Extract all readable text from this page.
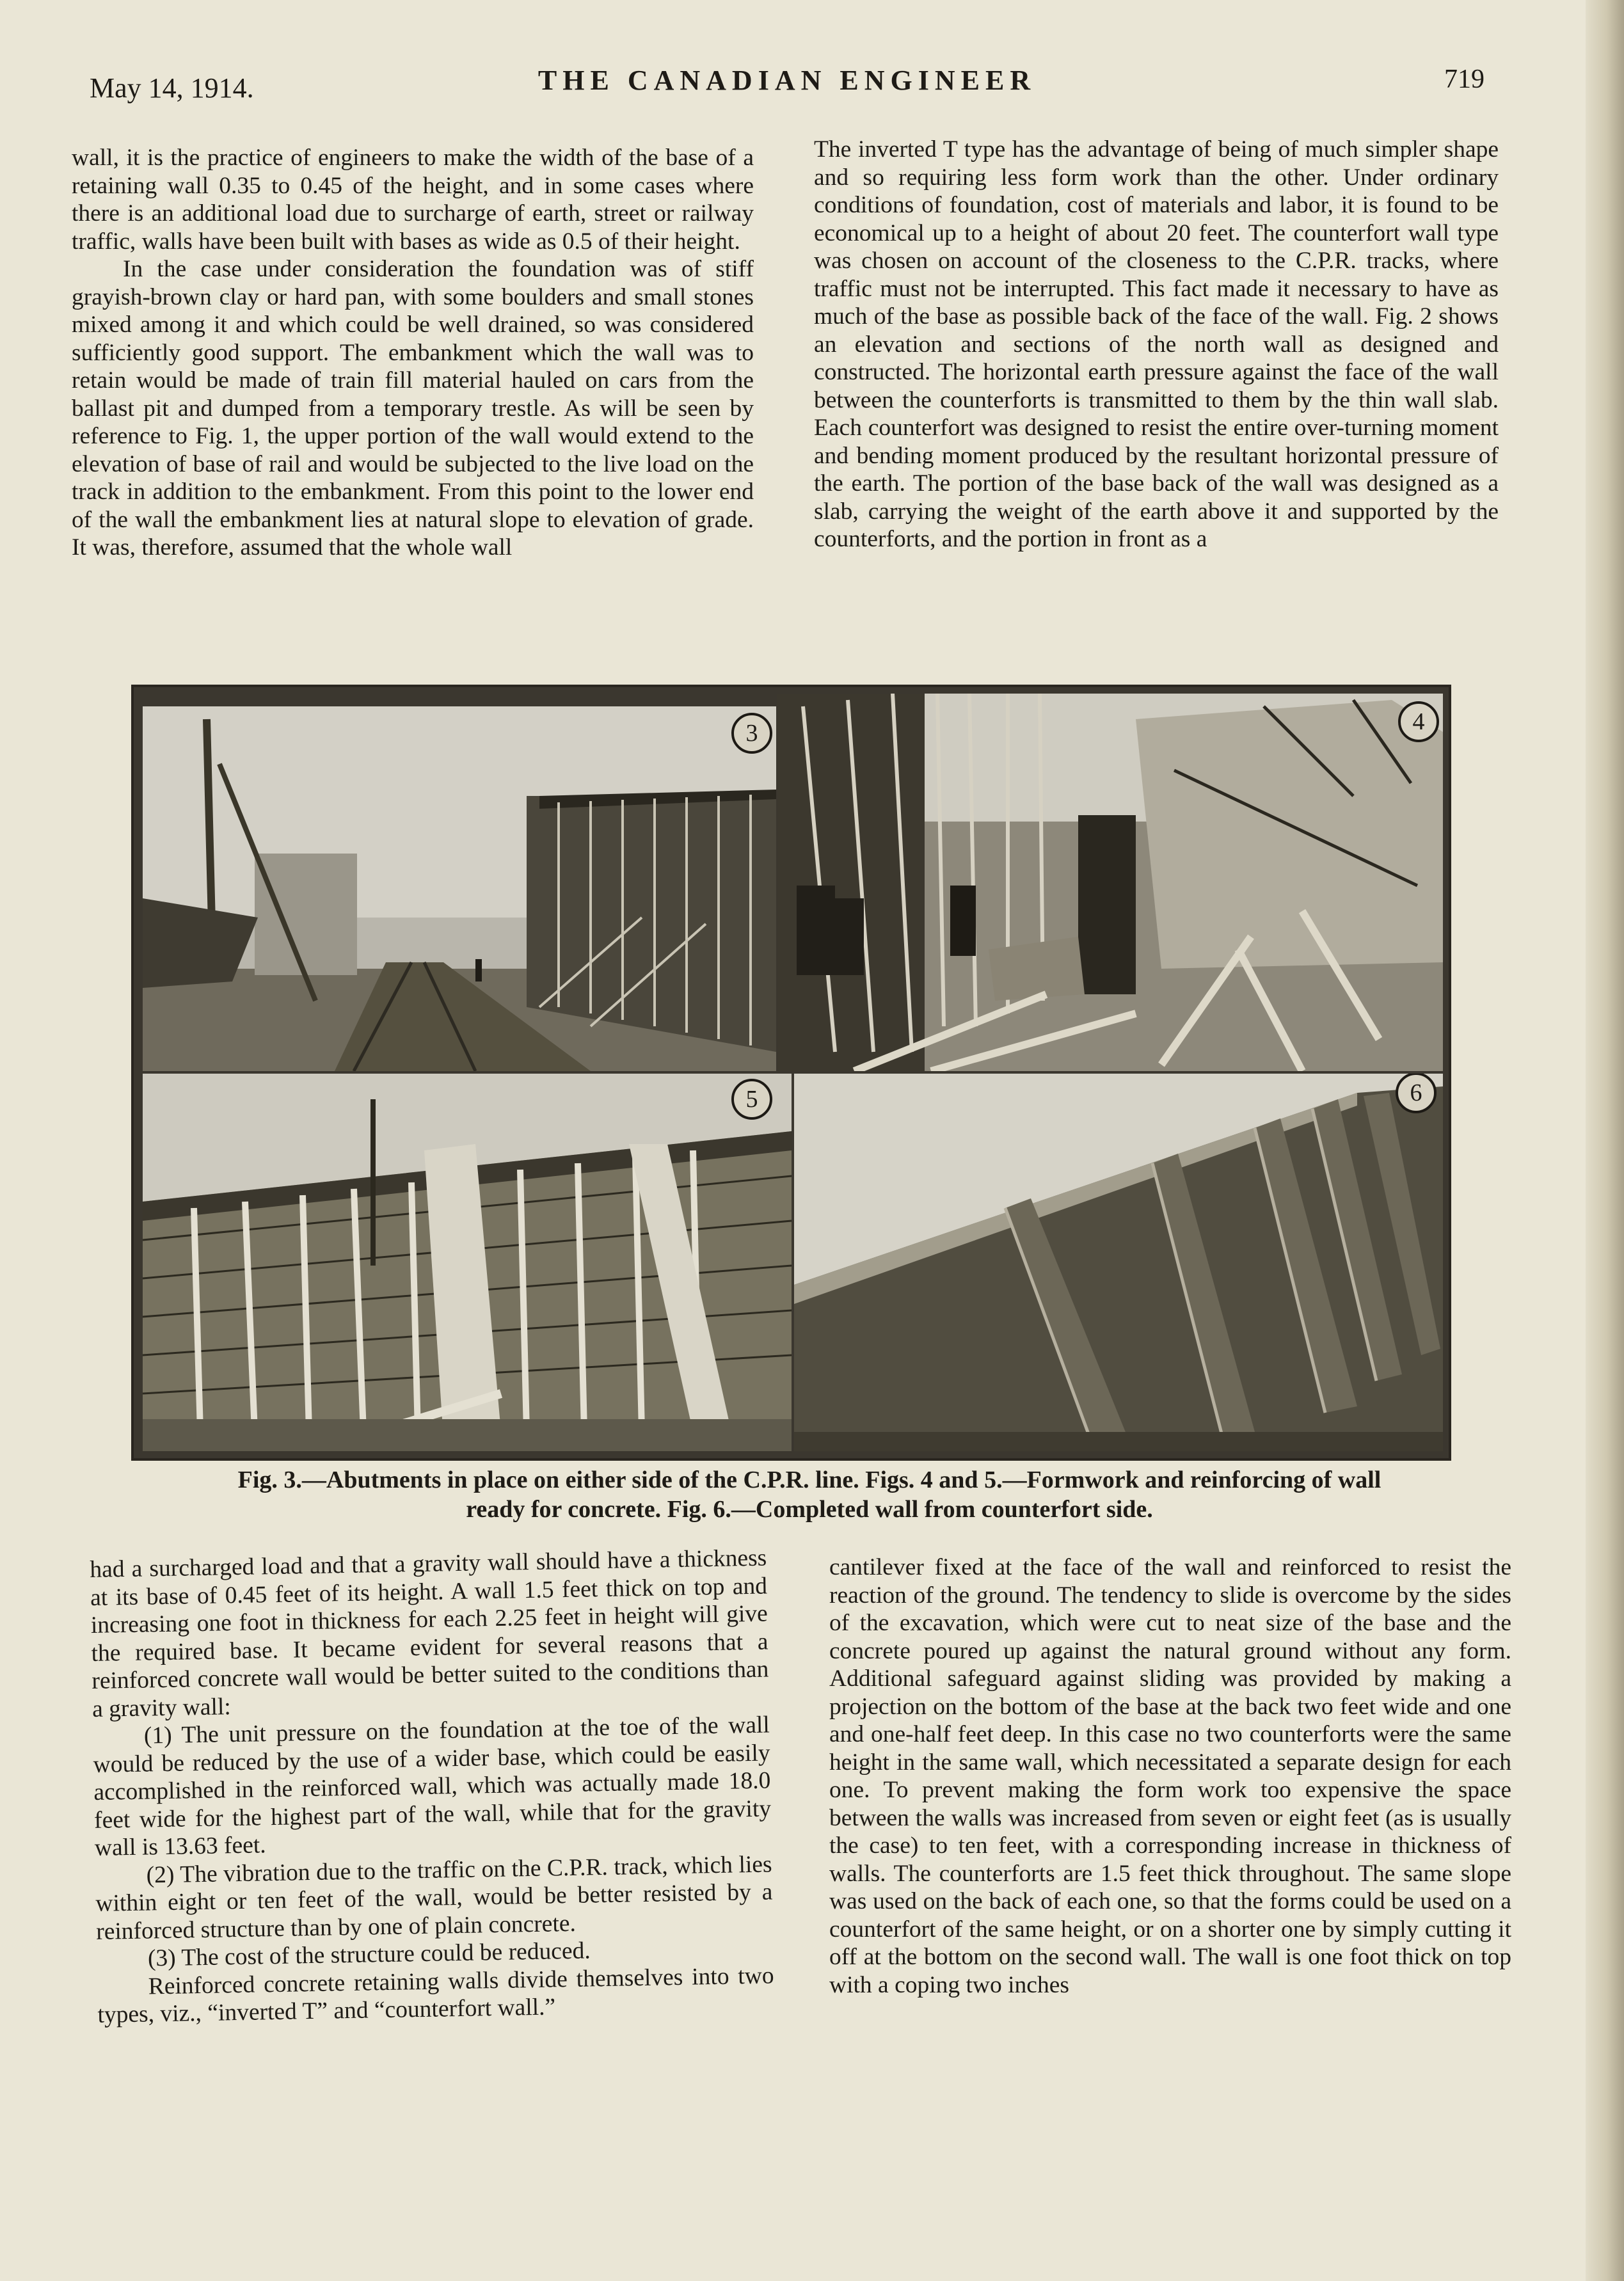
May 14, 1914.	THE CANADIAN ENGINEER	719

wall, it is the practice of engineers to make the width of the base of a retaining wall 0.35 to 0.45 of the height, and in some cases where there is an additional load due to surcharge of earth, street or railway traffic, walls have been built with bases as wide as 0.5 of their height.

In the case under consideration the foundation was of stiff grayish-brown clay or hard pan, with some boulders and small stones mixed among it and which could be well drained, so was considered sufficiently good support. The embankment which the wall was to retain would be made of train fill material hauled on cars from the ballast pit and dumped from a temporary trestle. As will be seen by reference to Fig. 1, the upper portion of the wall would extend to the elevation of base of rail and would be subjected to the live load on the track in addition to the embankment. From this point to the lower end of the wall the embankment lies at natural slope to elevation of grade. It was, therefore, assumed that the whole wall

The inverted T type has the advantage of being of much simpler shape and so requiring less form work than the other. Under ordinary conditions of foundation, cost of materials and labor, it is found to be economical up to a height of about 20 feet. The counterfort wall type was chosen on account of the closeness to the C.P.R. tracks, where traffic must not be interrupted. This fact made it necessary to have as much of the base as possible back of the face of the wall. Fig. 2 shows an elevation and sections of the north wall as designed and constructed. The horizontal earth pressure against the face of the wall between the counterforts is transmitted to them by the thin wall slab. Each counterfort was designed to resist the entire over-turning moment and bending moment produced by the resultant horizontal pressure of the earth. The portion of the base back of the wall was designed as a slab, carrying the weight of the earth above it and supported by the counterforts, and the portion in front as a

3	4
5	6
Fig. 3.—Abutments in place on either side of the C.P.R. line. Figs. 4 and 5.—Formwork and reinforcing of wall
ready for concrete. Fig. 6.—Completed wall from counterfort side.

had a surcharged load and that a gravity wall should have a thickness at its base of 0.45 feet of its height. A wall 1.5 feet thick on top and increasing one foot in thickness for each 2.25 feet in height will give the required base. It became evident for several reasons that a reinforced concrete wall would be better suited to the conditions than a gravity wall:

(1) The unit pressure on the foundation at the toe of the wall would be reduced by the use of a wider base, which could be easily accomplished in the reinforced wall, which was actually made 18.0 feet wide for the highest part of the wall, while that for the gravity wall is 13.63 feet.

(2) The vibration due to the traffic on the C.P.R. track, which lies within eight or ten feet of the wall, would be better resisted by a reinforced structure than by one of plain concrete.

(3) The cost of the structure could be reduced.

Reinforced concrete retaining walls divide themselves into two types, viz., “inverted T” and “counterfort wall.”

cantilever fixed at the face of the wall and reinforced to resist the reaction of the ground. The tendency to slide is overcome by the sides of the excavation, which were cut to neat size of the base and the concrete poured up against the natural ground without any form. Additional safeguard against sliding was provided by making a projection on the bottom of the base at the back two feet wide and one and one-half feet deep. In this case no two counterforts were the same height in the same wall, which necessitated a separate design for each one. To prevent making the form work too expensive the space between the walls was increased from seven or eight feet (as is usually the case) to ten feet, with a corresponding increase in thickness of walls. The counterforts are 1.5 feet thick throughout. The same slope was used on the back of each one, so that the forms could be used on a counterfort of the same height, or on a shorter one by simply cutting it off at the bottom on the second wall. The wall is one foot thick on top with a coping two inches
